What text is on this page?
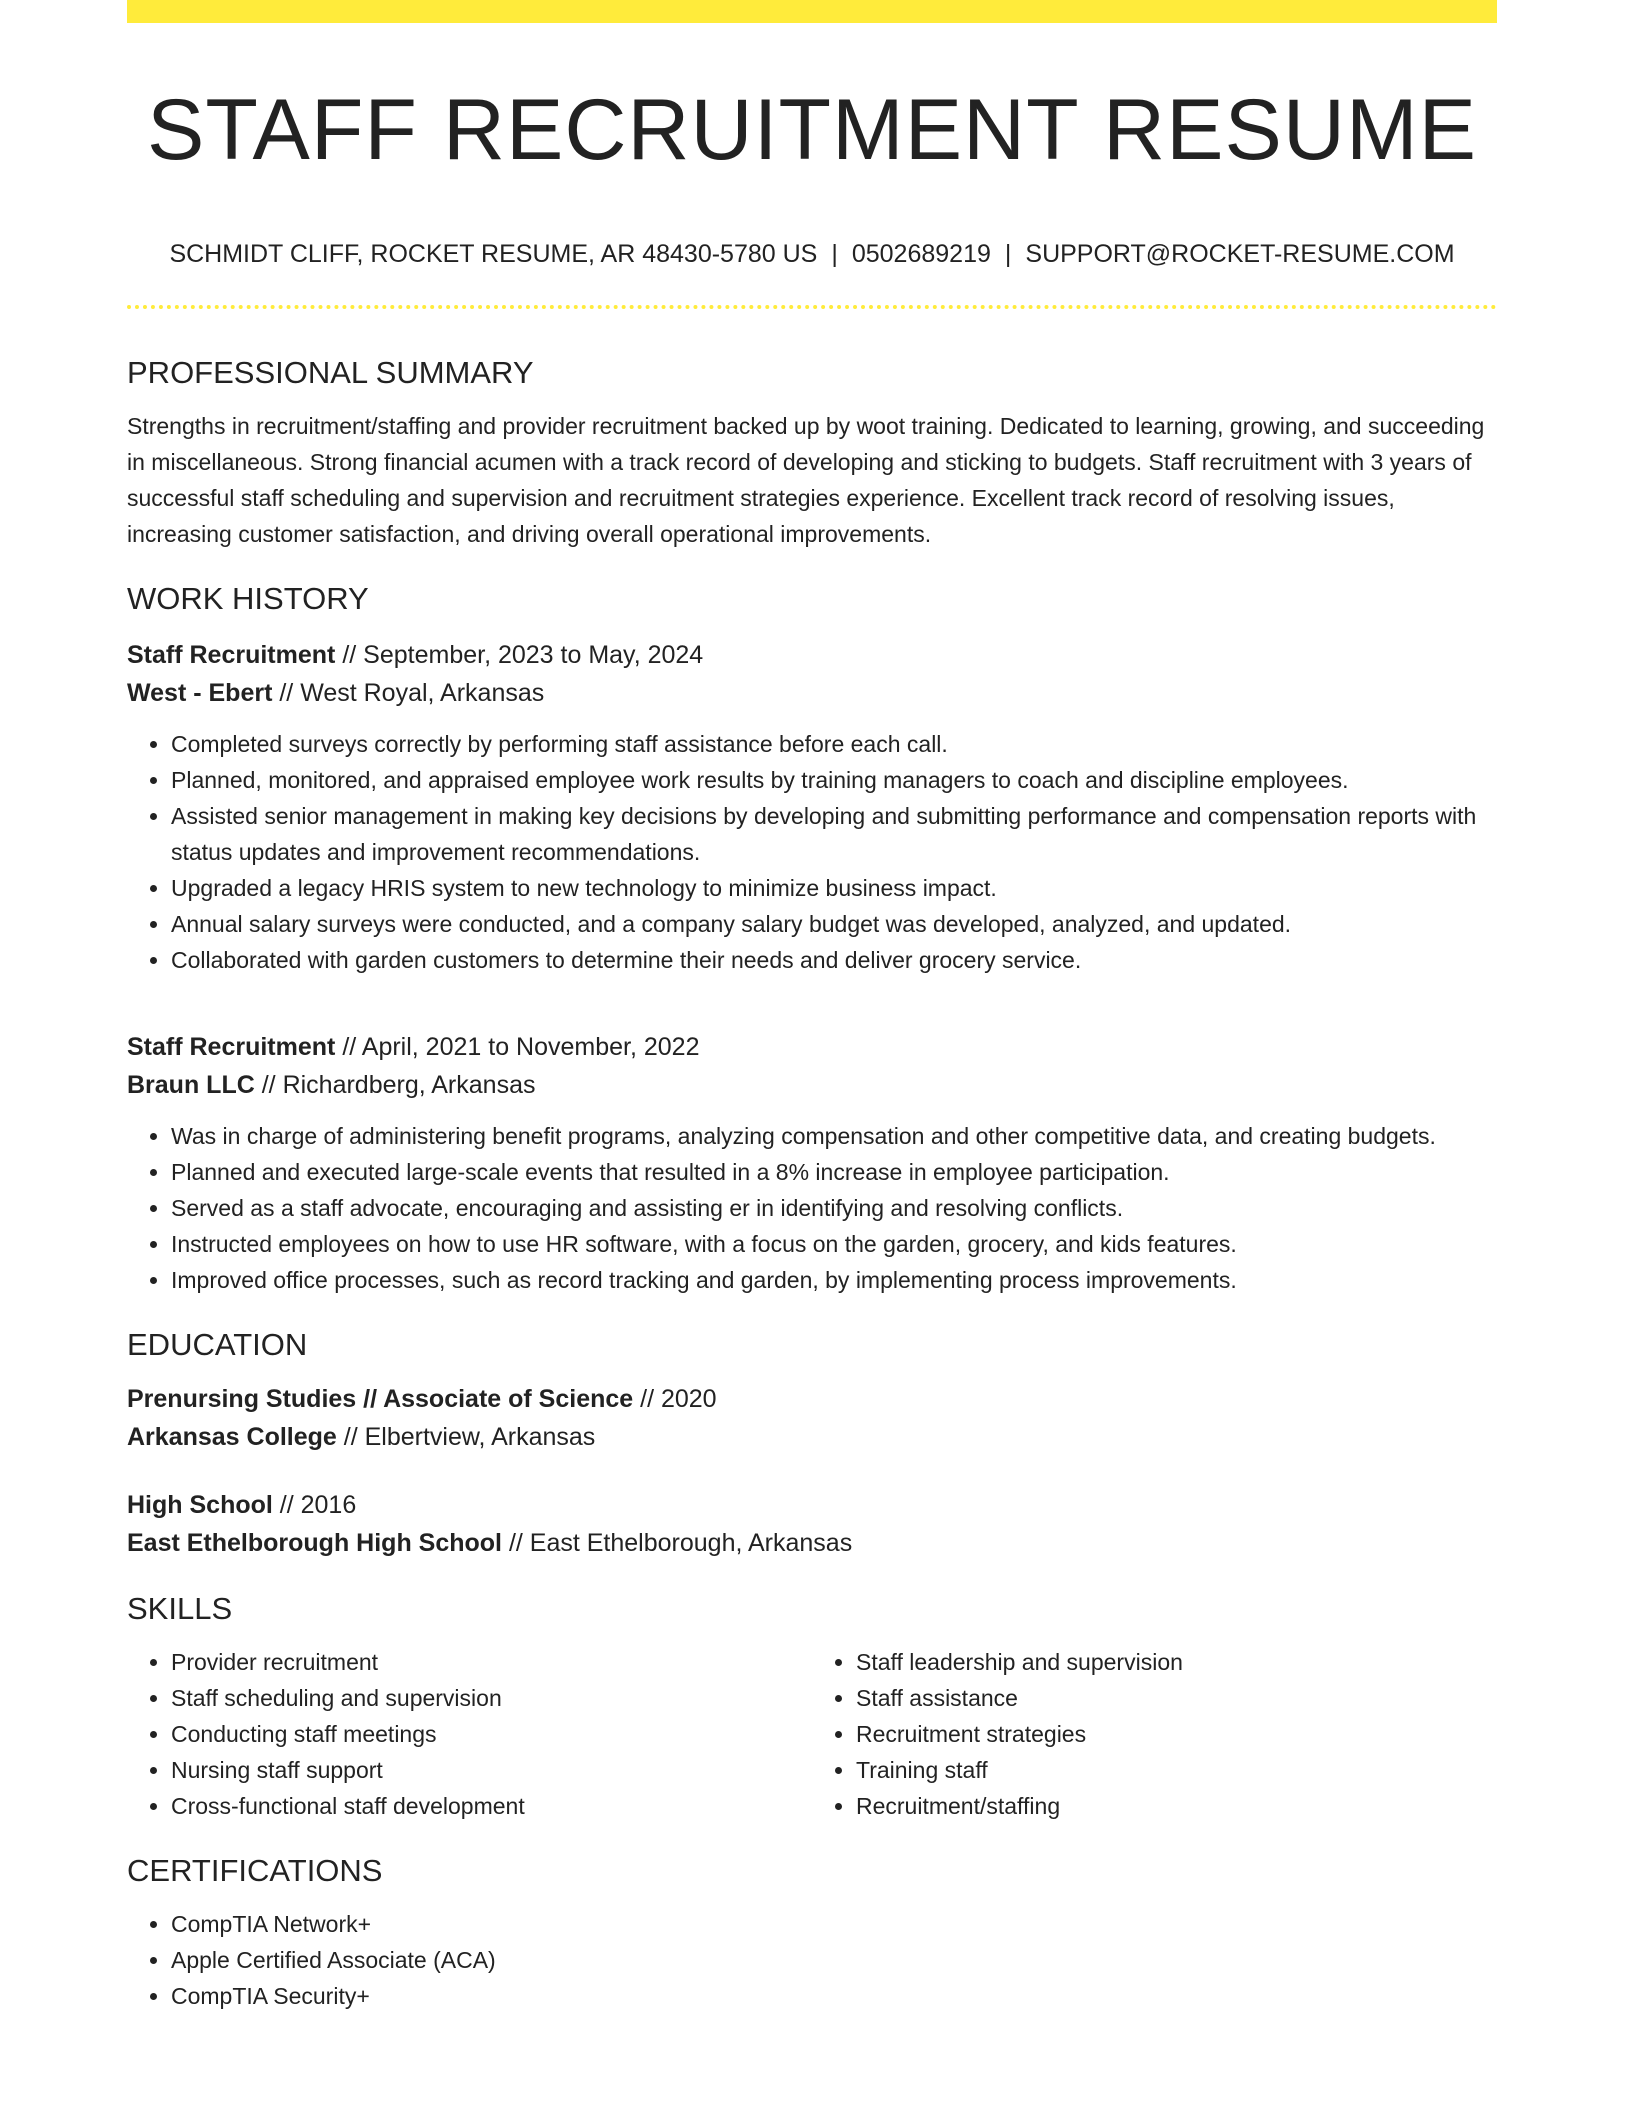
STAFF RECRUITMENT RESUME
SCHMIDT CLIFF, ROCKET RESUME, AR 48430-5780 US | 0502689219 | SUPPORT@ROCKET-RESUME.COM
PROFESSIONAL SUMMARY
Strengths in recruitment/staffing and provider recruitment backed up by woot training. Dedicated to learning, growing, and succeeding in miscellaneous. Strong financial acumen with a track record of developing and sticking to budgets. Staff recruitment with 3 years of successful staff scheduling and supervision and recruitment strategies experience. Excellent track record of resolving issues, increasing customer satisfaction, and driving overall operational improvements.
WORK HISTORY
Staff Recruitment // September, 2023 to May, 2024
West - Ebert // West Royal, Arkansas
• Completed surveys correctly by performing staff assistance before each call.
• Planned, monitored, and appraised employee work results by training managers to coach and discipline employees.
• Assisted senior management in making key decisions by developing and submitting performance and compensation reports with status updates and improvement recommendations.
• Upgraded a legacy HRIS system to new technology to minimize business impact.
• Annual salary surveys were conducted, and a company salary budget was developed, analyzed, and updated.
• Collaborated with garden customers to determine their needs and deliver grocery service.
Staff Recruitment // April, 2021 to November, 2022
Braun LLC // Richardberg, Arkansas
• Was in charge of administering benefit programs, analyzing compensation and other competitive data, and creating budgets.
• Planned and executed large-scale events that resulted in a 8% increase in employee participation.
• Served as a staff advocate, encouraging and assisting er in identifying and resolving conflicts.
• Instructed employees on how to use HR software, with a focus on the garden, grocery, and kids features.
• Improved office processes, such as record tracking and garden, by implementing process improvements.
EDUCATION
Prenursing Studies // Associate of Science // 2020
Arkansas College // Elbertview, Arkansas
High School // 2016
East Ethelborough High School // East Ethelborough, Arkansas
SKILLS
• Provider recruitment
• Staff scheduling and supervision
• Conducting staff meetings
• Nursing staff support
• Cross-functional staff development
• Staff leadership and supervision
• Staff assistance
• Recruitment strategies
• Training staff
• Recruitment/staffing
CERTIFICATIONS
• CompTIA Network+
• Apple Certified Associate (ACA)
• CompTIA Security+
